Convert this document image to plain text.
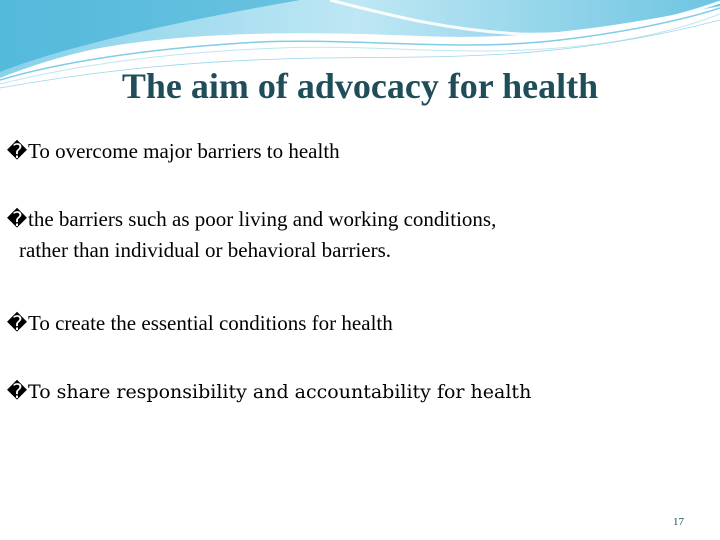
The aim of advocacy for health
�To overcome major barriers to health
�the barriers such as poor living and working conditions,
rather than individual or behavioral barriers.
�To create the essential conditions for health
�To share responsibility and accountability for health
17
